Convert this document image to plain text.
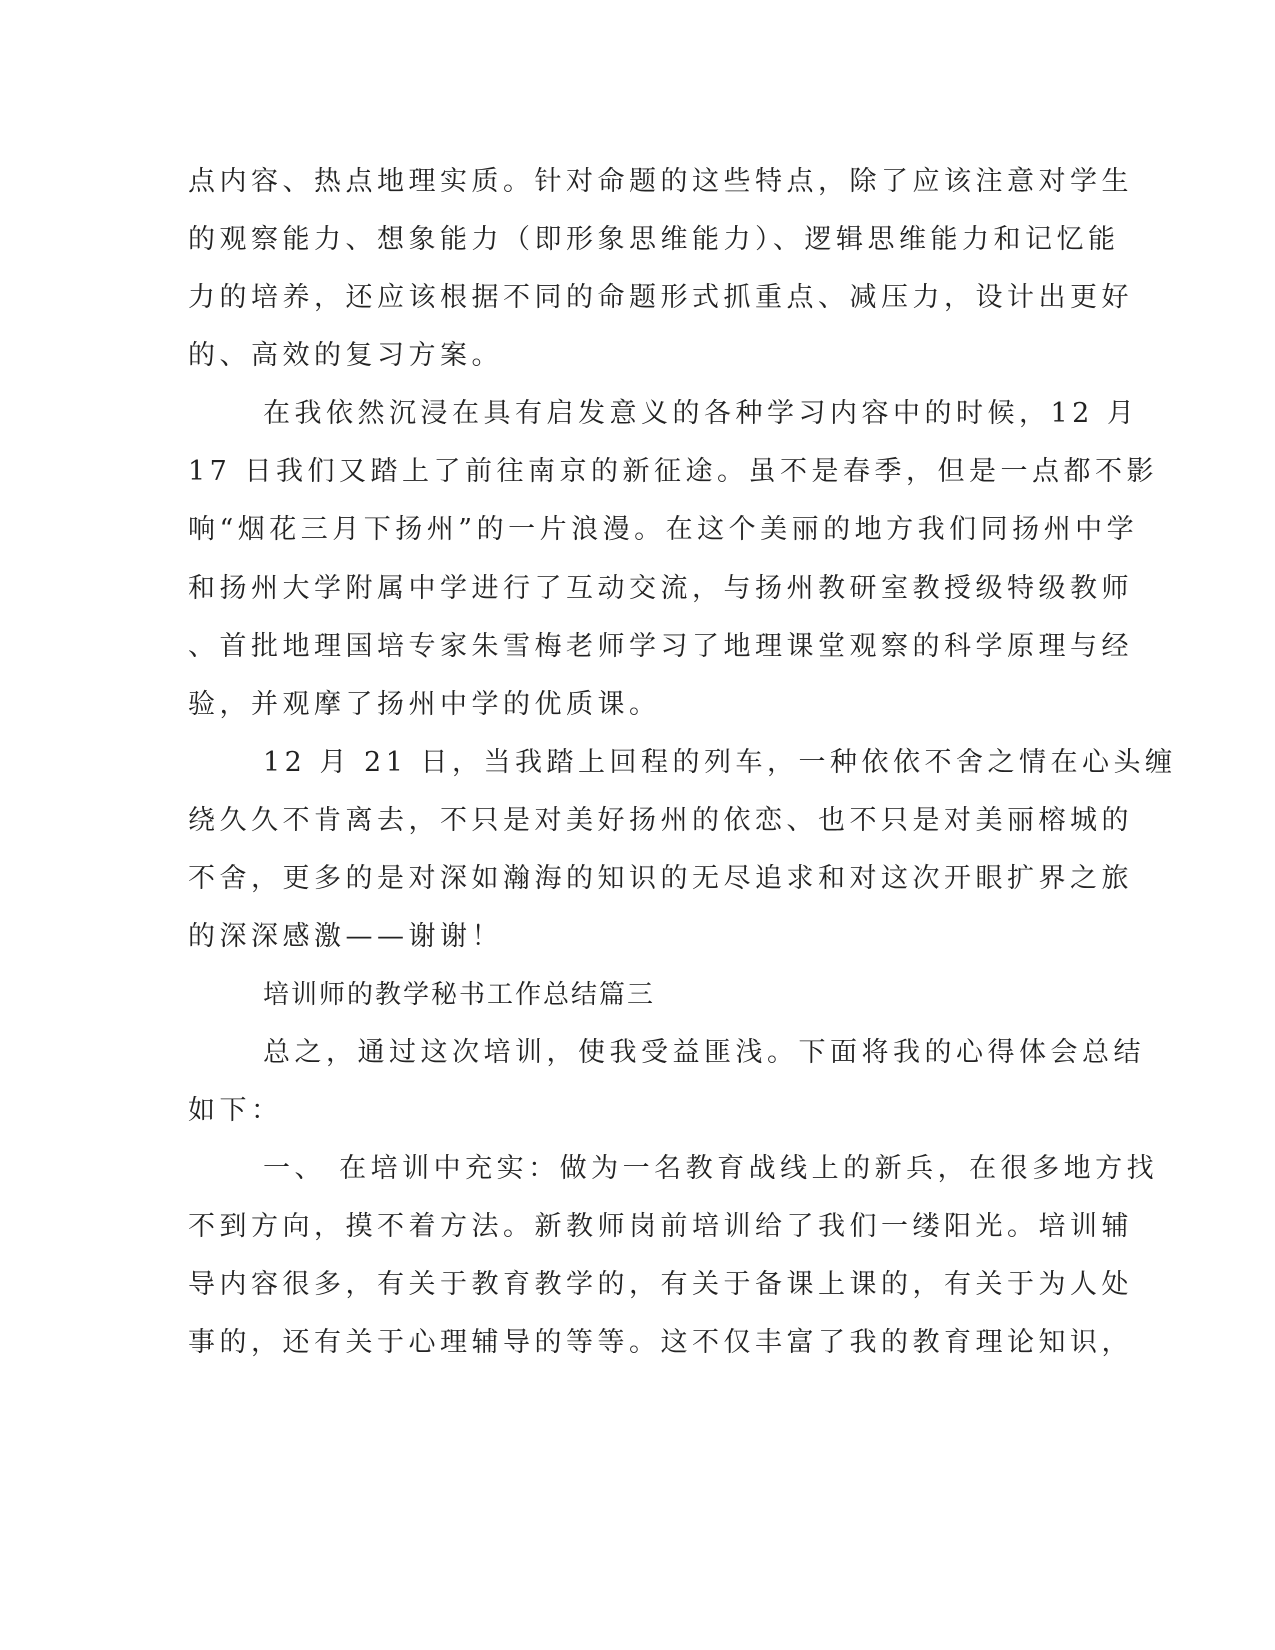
点内容、热点地理实质。针对命题的这些特点，除了应该注意对学生
的观察能力、想象能力（即形象思维能力）、逻辑思维能力和记忆能
力的培养，还应该根据不同的命题形式抓重点、减压力，设计出更好
的、高效的复习方案。
在我依然沉浸在具有启发意义的各种学习内容中的时候，12 月
17 日我们又踏上了前往南京的新征途。虽不是春季，但是一点都不影
响“烟花三月下扬州”的一片浪漫。在这个美丽的地方我们同扬州中学
和扬州大学附属中学进行了互动交流，与扬州教研室教授级特级教师
、首批地理国培专家朱雪梅老师学习了地理课堂观察的科学原理与经
验，并观摩了扬州中学的优质课。
12 月 21 日，当我踏上回程的列车，一种依依不舍之情在心头缠
绕久久不肯离去，不只是对美好扬州的依恋、也不只是对美丽榕城的
不舍，更多的是对深如瀚海的知识的无尽追求和对这次开眼扩界之旅
的深深感激——谢谢！
培训师的教学秘书工作总结篇三
总之，通过这次培训，使我受益匪浅。下面将我的心得体会总结
如下：
一、 在培训中充实：做为一名教育战线上的新兵，在很多地方找
不到方向，摸不着方法。新教师岗前培训给了我们一缕阳光。培训辅
导内容很多，有关于教育教学的，有关于备课上课的，有关于为人处
事的，还有关于心理辅导的等等。这不仅丰富了我的教育理论知识，
